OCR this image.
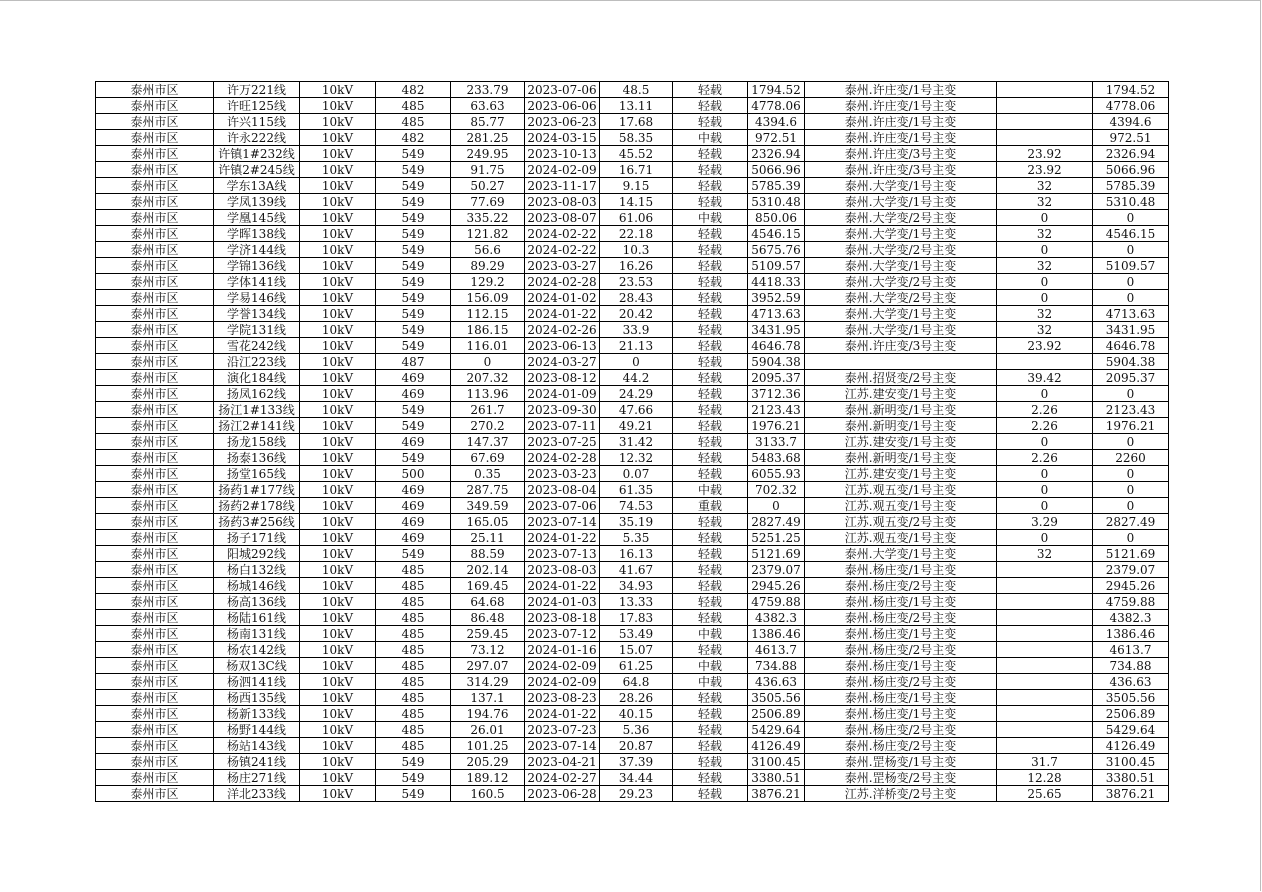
泰州市区	许万221线	10kV	482	233.79	2023-07-06	48.5	轻载	1794.52	泰州.许庄变/1号主变		1794.52
泰州市区	许旺125线	10kV	485	63.63	2023-06-06	13.11	轻载	4778.06	泰州.许庄变/1号主变		4778.06
泰州市区	许兴115线	10kV	485	85.77	2023-06-23	17.68	轻载	4394.6	泰州.许庄变/1号主变		4394.6
泰州市区	许永222线	10kV	482	281.25	2024-03-15	58.35	中载	972.51	泰州.许庄变/1号主变		972.51
泰州市区	许镇1#232线	10kV	549	249.95	2023-10-13	45.52	轻载	2326.94	泰州.许庄变/3号主变	23.92	2326.94
泰州市区	许镇2#245线	10kV	549	91.75	2024-02-09	16.71	轻载	5066.96	泰州.许庄变/3号主变	23.92	5066.96
泰州市区	学东13A线	10kV	549	50.27	2023-11-17	9.15	轻载	5785.39	泰州.大学变/1号主变	32	5785.39
泰州市区	学凤139线	10kV	549	77.69	2023-08-03	14.15	轻载	5310.48	泰州.大学变/1号主变	32	5310.48
泰州市区	学凰145线	10kV	549	335.22	2023-08-07	61.06	中载	850.06	泰州.大学变/2号主变	0	0
泰州市区	学晖138线	10kV	549	121.82	2024-02-22	22.18	轻载	4546.15	泰州.大学变/1号主变	32	4546.15
泰州市区	学济144线	10kV	549	56.6	2024-02-22	10.3	轻载	5675.76	泰州.大学变/2号主变	0	0
泰州市区	学锦136线	10kV	549	89.29	2023-03-27	16.26	轻载	5109.57	泰州.大学变/1号主变	32	5109.57
泰州市区	学体141线	10kV	549	129.2	2024-02-28	23.53	轻载	4418.33	泰州.大学变/2号主变	0	0
泰州市区	学易146线	10kV	549	156.09	2024-01-02	28.43	轻载	3952.59	泰州.大学变/2号主变	0	0
泰州市区	学誉134线	10kV	549	112.15	2024-01-22	20.42	轻载	4713.63	泰州.大学变/1号主变	32	4713.63
泰州市区	学院131线	10kV	549	186.15	2024-02-26	33.9	轻载	3431.95	泰州.大学变/1号主变	32	3431.95
泰州市区	雪花242线	10kV	549	116.01	2023-06-13	21.13	轻载	4646.78	泰州.许庄变/3号主变	23.92	4646.78
泰州市区	沿江223线	10kV	487	0	2024-03-27	0	轻载	5904.38			5904.38
泰州市区	演化184线	10kV	469	207.32	2023-08-12	44.2	轻载	2095.37	泰州.招贤变/2号主变	39.42	2095.37
泰州市区	扬凤162线	10kV	469	113.96	2024-01-09	24.29	轻载	3712.36	江苏.建安变/1号主变	0	0
泰州市区	扬江1#133线	10kV	549	261.7	2023-09-30	47.66	轻载	2123.43	泰州.新明变/1号主变	2.26	2123.43
泰州市区	扬江2#141线	10kV	549	270.2	2023-07-11	49.21	轻载	1976.21	泰州.新明变/1号主变	2.26	1976.21
泰州市区	扬龙158线	10kV	469	147.37	2023-07-25	31.42	轻载	3133.7	江苏.建安变/1号主变	0	0
泰州市区	扬泰136线	10kV	549	67.69	2024-02-28	12.32	轻载	5483.68	泰州.新明变/1号主变	2.26	2260
泰州市区	扬堂165线	10kV	500	0.35	2023-03-23	0.07	轻载	6055.93	江苏.建安变/1号主变	0	0
泰州市区	扬药1#177线	10kV	469	287.75	2023-08-04	61.35	中载	702.32	江苏.观五变/1号主变	0	0
泰州市区	扬药2#178线	10kV	469	349.59	2023-07-06	74.53	重载	0	江苏.观五变/1号主变	0	0
泰州市区	扬药3#256线	10kV	469	165.05	2023-07-14	35.19	轻载	2827.49	江苏.观五变/2号主变	3.29	2827.49
泰州市区	扬子171线	10kV	469	25.11	2024-01-22	5.35	轻载	5251.25	江苏.观五变/1号主变	0	0
泰州市区	阳城292线	10kV	549	88.59	2023-07-13	16.13	轻载	5121.69	泰州.大学变/1号主变	32	5121.69
泰州市区	杨白132线	10kV	485	202.14	2023-08-03	41.67	轻载	2379.07	泰州.杨庄变/1号主变		2379.07
泰州市区	杨城146线	10kV	485	169.45	2024-01-22	34.93	轻载	2945.26	泰州.杨庄变/2号主变		2945.26
泰州市区	杨高136线	10kV	485	64.68	2024-01-03	13.33	轻载	4759.88	泰州.杨庄变/1号主变		4759.88
泰州市区	杨陆161线	10kV	485	86.48	2023-08-18	17.83	轻载	4382.3	泰州.杨庄变/2号主变		4382.3
泰州市区	杨南131线	10kV	485	259.45	2023-07-12	53.49	中载	1386.46	泰州.杨庄变/1号主变		1386.46
泰州市区	杨农142线	10kV	485	73.12	2024-01-16	15.07	轻载	4613.7	泰州.杨庄变/2号主变		4613.7
泰州市区	杨双13C线	10kV	485	297.07	2024-02-09	61.25	中载	734.88	泰州.杨庄变/1号主变		734.88
泰州市区	杨泗141线	10kV	485	314.29	2024-02-09	64.8	中载	436.63	泰州.杨庄变/2号主变		436.63
泰州市区	杨西135线	10kV	485	137.1	2023-08-23	28.26	轻载	3505.56	泰州.杨庄变/1号主变		3505.56
泰州市区	杨新133线	10kV	485	194.76	2024-01-22	40.15	轻载	2506.89	泰州.杨庄变/1号主变		2506.89
泰州市区	杨野144线	10kV	485	26.01	2023-07-23	5.36	轻载	5429.64	泰州.杨庄变/2号主变		5429.64
泰州市区	杨站143线	10kV	485	101.25	2023-07-14	20.87	轻载	4126.49	泰州.杨庄变/2号主变		4126.49
泰州市区	杨镇241线	10kV	549	205.29	2023-04-21	37.39	轻载	3100.45	泰州.罡杨变/1号主变	31.7	3100.45
泰州市区	杨庄271线	10kV	549	189.12	2024-02-27	34.44	轻载	3380.51	泰州.罡杨变/2号主变	12.28	3380.51
泰州市区	洋北233线	10kV	549	160.5	2023-06-28	29.23	轻载	3876.21	江苏.洋桥变/2号主变	25.65	3876.21
